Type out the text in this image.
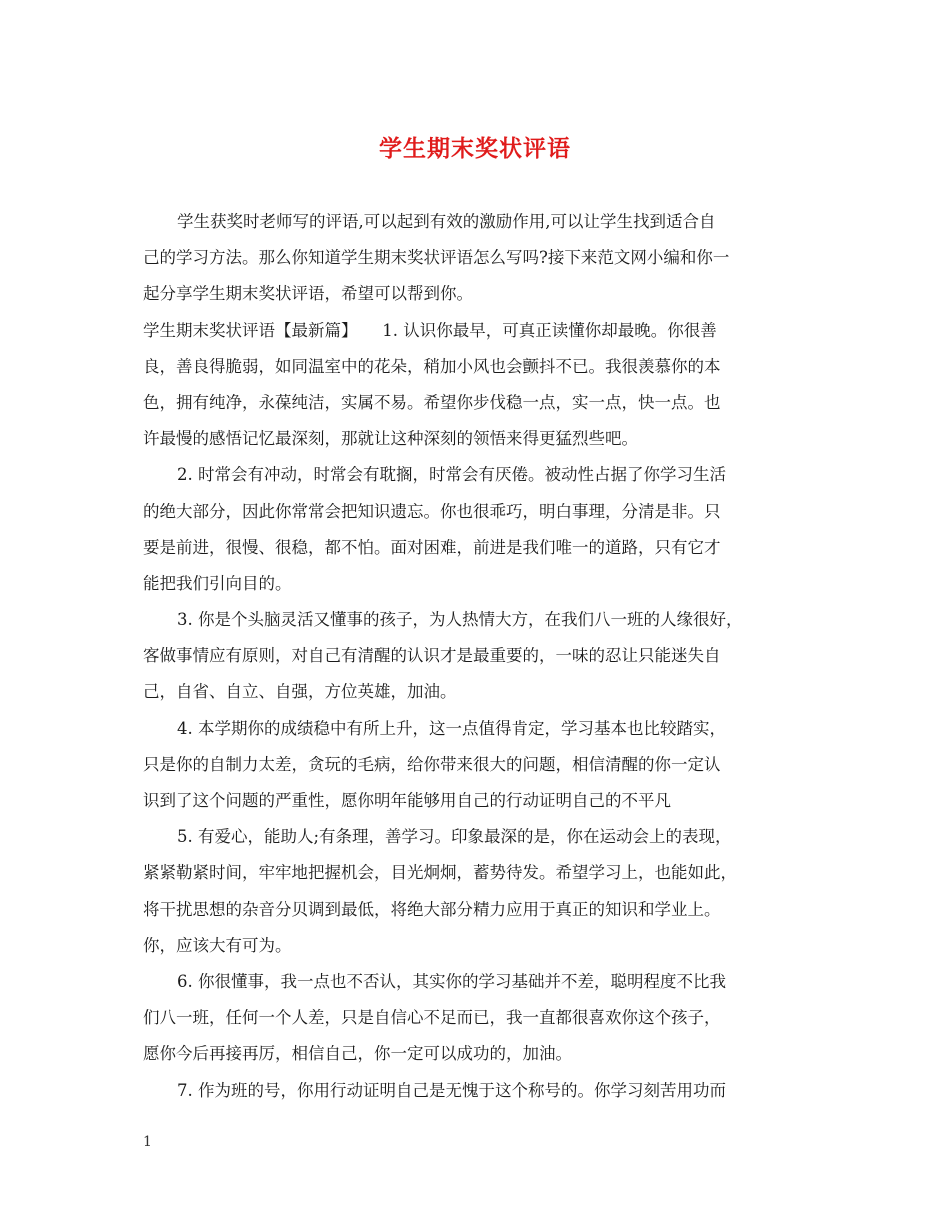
学生期末奖状评语
学生获奖时老师写的评语,可以起到有效的激励作用,可以让学生找到适合自
己的学习方法。那么你知道学生期末奖状评语怎么写吗?接下来范文网小编和你一
起分享学生期末奖状评语，希望可以帮到你。
学生期末奖状评语【最新篇】　　1. 认识你最早，可真正读懂你却最晚。你很善
良，善良得脆弱，如同温室中的花朵，稍加小风也会颤抖不已。我很羡慕你的本
色，拥有纯净，永葆纯洁，实属不易。希望你步伐稳一点，实一点，快一点。也
许最慢的感悟记忆最深刻，那就让这种深刻的领悟来得更猛烈些吧。
2. 时常会有冲动，时常会有耽搁，时常会有厌倦。被动性占据了你学习生活
的绝大部分，因此你常常会把知识遗忘。你也很乖巧，明白事理，分清是非。只
要是前进，很慢、很稳，都不怕。面对困难，前进是我们唯一的道路，只有它才
能把我们引向目的。
3. 你是个头脑灵活又懂事的孩子，为人热情大方，在我们八一班的人缘很好，
客做事情应有原则，对自己有清醒的认识才是最重要的，一味的忍让只能迷失自
己，自省、自立、自强，方位英雄，加油。
4. 本学期你的成绩稳中有所上升，这一点值得肯定，学习基本也比较踏实，
只是你的自制力太差，贪玩的毛病，给你带来很大的问题，相信清醒的你一定认
识到了这个问题的严重性，愿你明年能够用自己的行动证明自己的不平凡
5. 有爱心，能助人;有条理，善学习。印象最深的是，你在运动会上的表现，
紧紧勒紧时间，牢牢地把握机会，目光炯炯，蓄势待发。希望学习上，也能如此，
将干扰思想的杂音分贝调到最低，将绝大部分精力应用于真正的知识和学业上。
你，应该大有可为。
6. 你很懂事，我一点也不否认，其实你的学习基础并不差，聪明程度不比我
们八一班，任何一个人差，只是自信心不足而已，我一直都很喜欢你这个孩子，
愿你今后再接再厉，相信自己，你一定可以成功的，加油。
7. 作为班的号，你用行动证明自己是无愧于这个称号的。你学习刻苦用功而
1
